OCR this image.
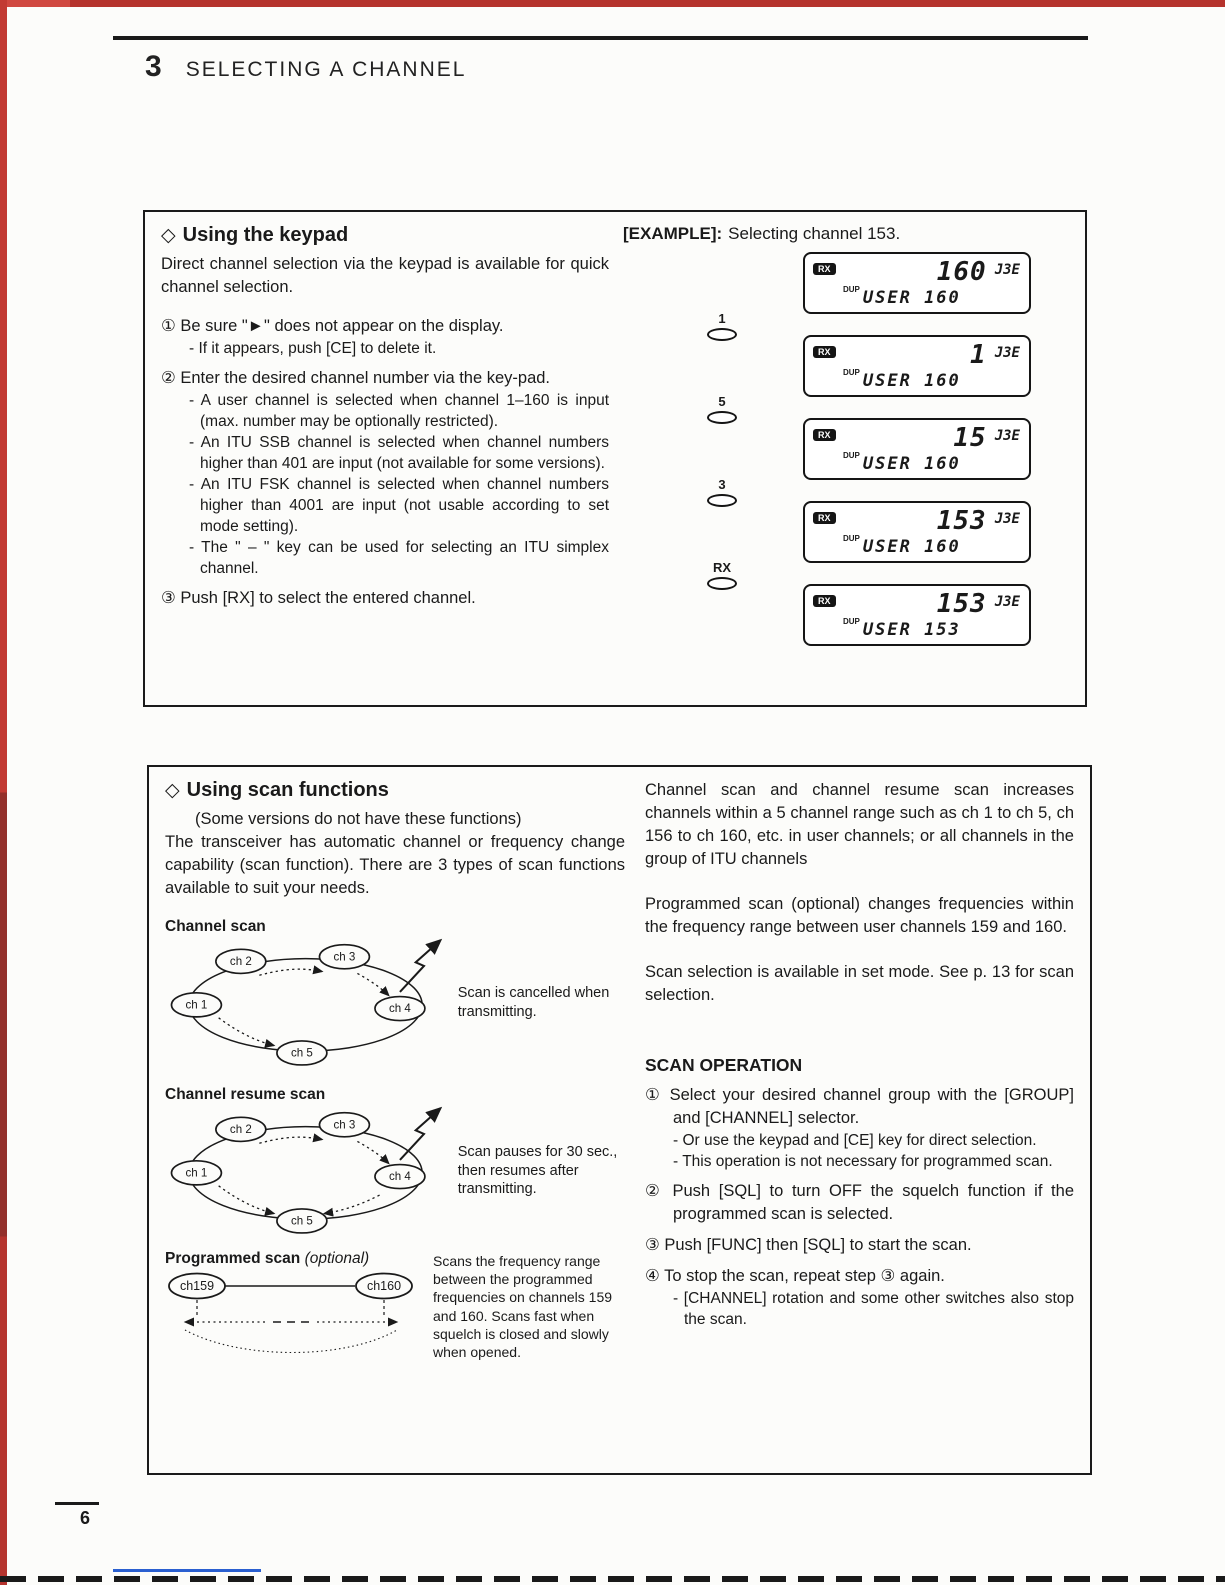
3 SELECTING A CHANNEL
◇ Using the keypad

Direct channel selection via the keypad is available for quick channel selection.

① Be sure "►" does not appear on the display.

- If it appears, push [CE] to delete it.

② Enter the desired channel number via the key-pad.

- A user channel is selected when channel 1–160 is input (max. number may be optionally restricted).

- An ITU SSB channel is selected when channel numbers higher than 401 are input (not available for some versions).

- An ITU FSK channel is selected when channel numbers higher than 4001 are input (not usable according to set mode setting).

- The " – " key can be used for selecting an ITU simplex channel.

③ Push [RX] to select the entered channel.

[EXAMPLE]: Selecting channel 153.

1
5
3
RX
RX	160 J3E
DUP USER 160
RX	1 J3E
DUP USER 160
RX	15 J3E
DUP USER 160
RX	153 J3E
DUP USER 160
RX	153 J3E
DUP USER 153
◇ Using scan functions

(Some versions do not have these functions)

The transceiver has automatic channel or frequency change capability (scan function). There are 3 types of scan functions available to suit your needs.

Channel scan
ch 2	ch 3
ch 1	ch 4
ch 5
Scan is cancelled when transmitting.
Channel resume scan
ch 2	ch 3
ch 1	ch 4
ch 5
Scan pauses for 30 sec., then resumes after transmitting.
Programmed scan (optional)
ch159	ch160
Scans the frequency range between the programmed frequencies on channels 159 and 160. Scans fast when squelch is closed and slowly when opened.

Channel scan and channel resume scan increases channels within a 5 channel range such as ch 1 to ch 5, ch 156 to ch 160, etc. in user channels; or all channels in the group of ITU channels

Programmed scan (optional) changes frequencies within the frequency range between user channels 159 and 160.

Scan selection is available in set mode. See p. 13 for scan selection.

SCAN OPERATION

① Select your desired channel group with the [GROUP] and [CHANNEL] selector.

- Or use the keypad and [CE] key for direct selection.

- This operation is not necessary for programmed scan.

② Push [SQL] to turn OFF the squelch function if the programmed scan is selected.

③ Push [FUNC] then [SQL] to start the scan.

④ To stop the scan, repeat step ③ again.

- [CHANNEL] rotation and some other switches also stop the scan.

6
